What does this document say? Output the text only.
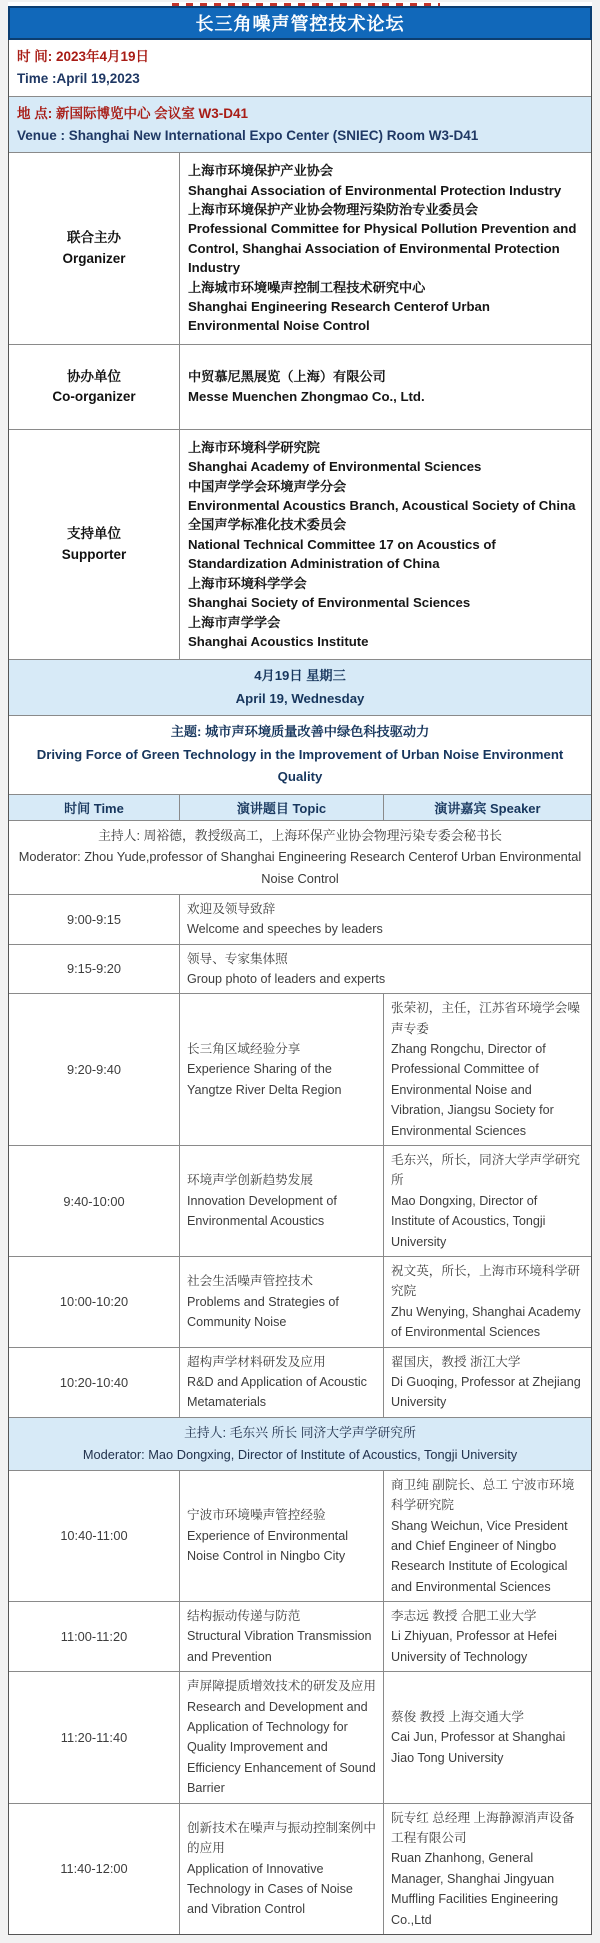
长三角噪声管控技术论坛
时 间: 2023年4月19日
Time :April 19,2023
地 点: 新国际博览中心 会议室 W3-D41
Venue : Shanghai New International Expo Center (SNIEC) Room W3-D41
联合主办
Organizer
上海市环境保护产业协会
Shanghai Association of Environmental Protection Industry
上海市环境保护产业协会物理污染防治专业委员会
Professional Committee for Physical Pollution Prevention and Control, Shanghai Association of Environmental Protection Industry
上海城市环境噪声控制工程技术研究中心
Shanghai Engineering Research Centerof Urban Environmental Noise Control
协办单位
Co-organizer
中贸慕尼黑展览（上海）有限公司
Messe Muenchen Zhongmao Co., Ltd.
支持单位
Supporter
上海市环境科学研究院
Shanghai Academy of Environmental Sciences
中国声学学会环境声学分会
Environmental Acoustics Branch, Acoustical Society of China
全国声学标准化技术委员会
National Technical Committee 17 on Acoustics of Standardization Administration of China
上海市环境科学学会
Shanghai Society of Environmental Sciences
上海市声学学会
Shanghai Acoustics Institute
4月19日 星期三
April 19, Wednesday
主题: 城市声环境质量改善中绿色科技驱动力
Driving Force of Green Technology in the Improvement of Urban Noise Environment Quality
时间 Time	演讲题目 Topic	演讲嘉宾 Speaker
主持人: 周裕德，教授级高工，上海环保产业协会物理污染专委会秘书长
Moderator: Zhou Yude,professor of Shanghai Engineering Research Centerof Urban Environmental Noise Control
9:00-9:15
欢迎及领导致辞
Welcome and speeches by leaders
9:15-9:20
领导、专家集体照
Group photo of leaders and experts
9:20-9:40
长三角区域经验分享
Experience Sharing of the Yangtze River Delta Region
张荣初，主任，江苏省环境学会噪声专委
Zhang Rongchu, Director of Professional Committee of Environmental Noise and Vibration, Jiangsu Society for Environmental Sciences
9:40-10:00
环境声学创新趋势发展
Innovation Development of Environmental Acoustics
毛东兴，所长，同济大学声学研究所
Mao Dongxing, Director of Institute of Acoustics, Tongji University
10:00-10:20
社会生活噪声管控技术
Problems and Strategies of Community Noise
祝文英，所长，上海市环境科学研究院
Zhu Wenying, Shanghai Academy of Environmental Sciences
10:20-10:40
超构声学材料研发及应用
R&D and Application of Acoustic Metamaterials
翟国庆，教授 浙江大学
Di Guoqing, Professor at Zhejiang University
主持人: 毛东兴 所长 同济大学声学研究所
Moderator: Mao Dongxing, Director of Institute of Acoustics, Tongji University
10:40-11:00
宁波市环境噪声管控经验
Experience of Environmental Noise Control in Ningbo City
商卫纯 副院长、总工 宁波市环境科学研究院
Shang Weichun, Vice President and Chief Engineer of Ningbo Research Institute of Ecological and Environmental Sciences
11:00-11:20
结构振动传递与防范
Structural Vibration Transmission and Prevention
李志远 教授 合肥工业大学
Li Zhiyuan, Professor at Hefei University of Technology
11:20-11:40
声屏障提质增效技术的研发及应用
Research and Development and Application of Technology for Quality Improvement and Efficiency Enhancement of Sound Barrier
蔡俊 教授 上海交通大学
Cai Jun, Professor at Shanghai Jiao Tong University
11:40-12:00
创新技术在噪声与振动控制案例中的应用
Application of Innovative Technology in Cases of Noise and Vibration Control
阮专红 总经理 上海静源消声设备工程有限公司
Ruan Zhanhong, General Manager, Shanghai Jingyuan Muffling Facilities Engineering Co.,Ltd
